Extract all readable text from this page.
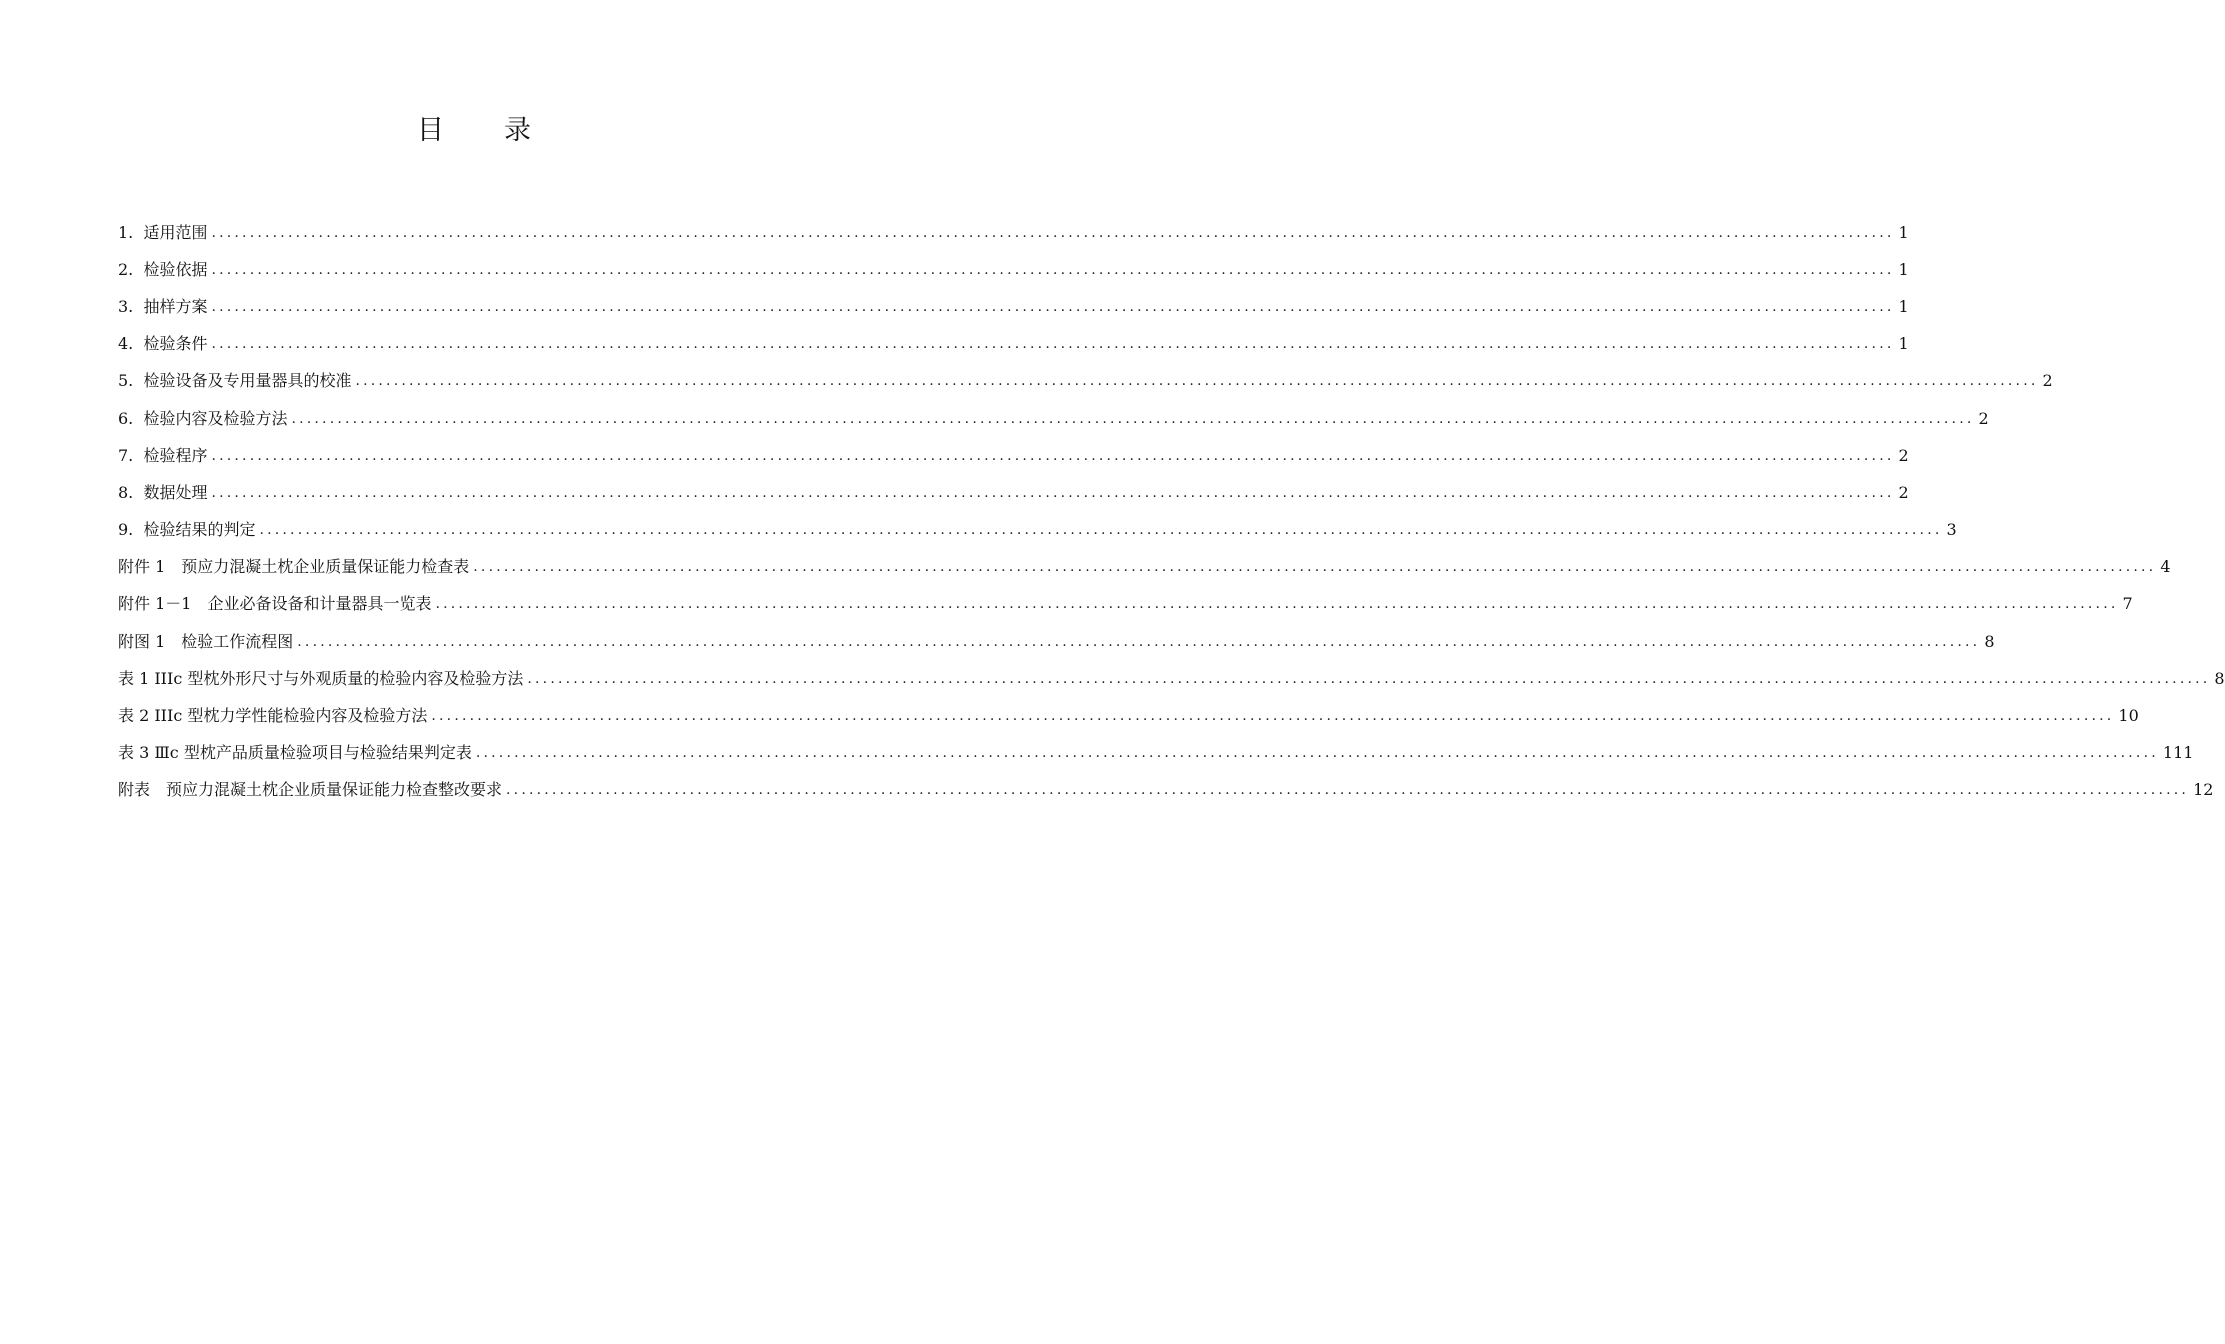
目　　录
1.  适用范围 ............................................................................................................................................................................................................................ 1
2.  检验依据 ............................................................................................................................................................................................................................ 1
3.  抽样方案 ............................................................................................................................................................................................................................ 1
4.  检验条件 ............................................................................................................................................................................................................................ 1
5.  检验设备及专用量器具的校准 ............................................................................................................................................................................................................................ 2
6.  检验内容及检验方法 ............................................................................................................................................................................................................................ 2
7.  检验程序 ............................................................................................................................................................................................................................ 2
8.  数据处理 ............................................................................................................................................................................................................................ 2
9.  检验结果的判定 ............................................................................................................................................................................................................................ 3
附件 1　预应力混凝土枕企业质量保证能力检查表 ............................................................................................................................................................................................................................ 4
附件 1－1　企业必备设备和计量器具一览表 ............................................................................................................................................................................................................................ 7
附图 1　检验工作流程图 ............................................................................................................................................................................................................................ 8
表 1 IIIc 型枕外形尺寸与外观质量的检验内容及检验方法 ............................................................................................................................................................................................................................ 8
表 2 IIIc 型枕力学性能检验内容及检验方法 ............................................................................................................................................................................................................................ 10
表 3 Ⅲc 型枕产品质量检验项目与检验结果判定表 ............................................................................................................................................................................................................................ 111
附表　预应力混凝土枕企业质量保证能力检查整改要求 ............................................................................................................................................................................................................................ 12
